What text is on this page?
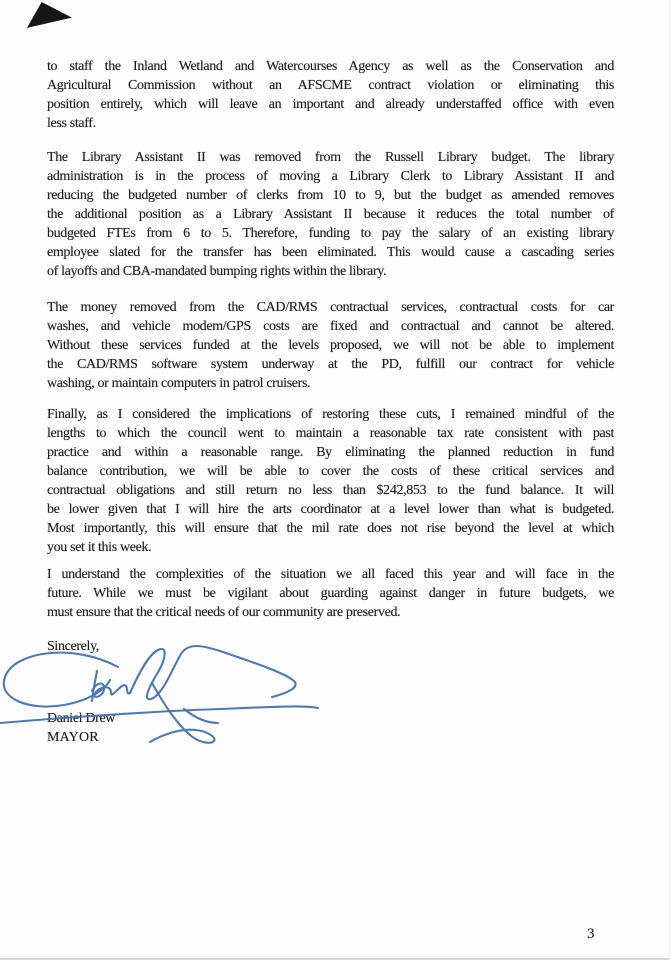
to staff the Inland Wetland and Watercourses Agency as well as the Conservation and
Agricultural Commission without an AFSCME contract violation or eliminating this
position entirely, which will leave an important and already understaffed office with even
less staff.
The Library Assistant II was removed from the Russell Library budget. The library
administration is in the process of moving a Library Clerk to Library Assistant II and
reducing the budgeted number of clerks from 10 to 9, but the budget as amended removes
the additional position as a Library Assistant II because it reduces the total number of
budgeted FTEs from 6 to 5. Therefore, funding to pay the salary of an existing library
employee slated for the transfer has been eliminated. This would cause a cascading series
of layoffs and CBA-mandated bumping rights within the library.
The money removed from the CAD/RMS contractual services, contractual costs for car
washes, and vehicle modem/GPS costs are fixed and contractual and cannot be altered.
Without these services funded at the levels proposed, we will not be able to implement
the CAD/RMS software system underway at the PD, fulfill our contract for vehicle
washing, or maintain computers in patrol cruisers.
Finally, as I considered the implications of restoring these cuts, I remained mindful of the
lengths to which the council went to maintain a reasonable tax rate consistent with past
practice and within a reasonable range. By eliminating the planned reduction in fund
balance contribution, we will be able to cover the costs of these critical services and
contractual obligations and still return no less than $242,853 to the fund balance. It will
be lower given that I will hire the arts coordinator at a level lower than what is budgeted.
Most importantly, this will ensure that the mil rate does not rise beyond the level at which
you set it this week.
I understand the complexities of the situation we all faced this year and will face in the
future. While we must be vigilant about guarding against danger in future budgets, we
must ensure that the critical needs of our community are preserved.
Sincerely,
Daniel Drew
MAYOR
3
